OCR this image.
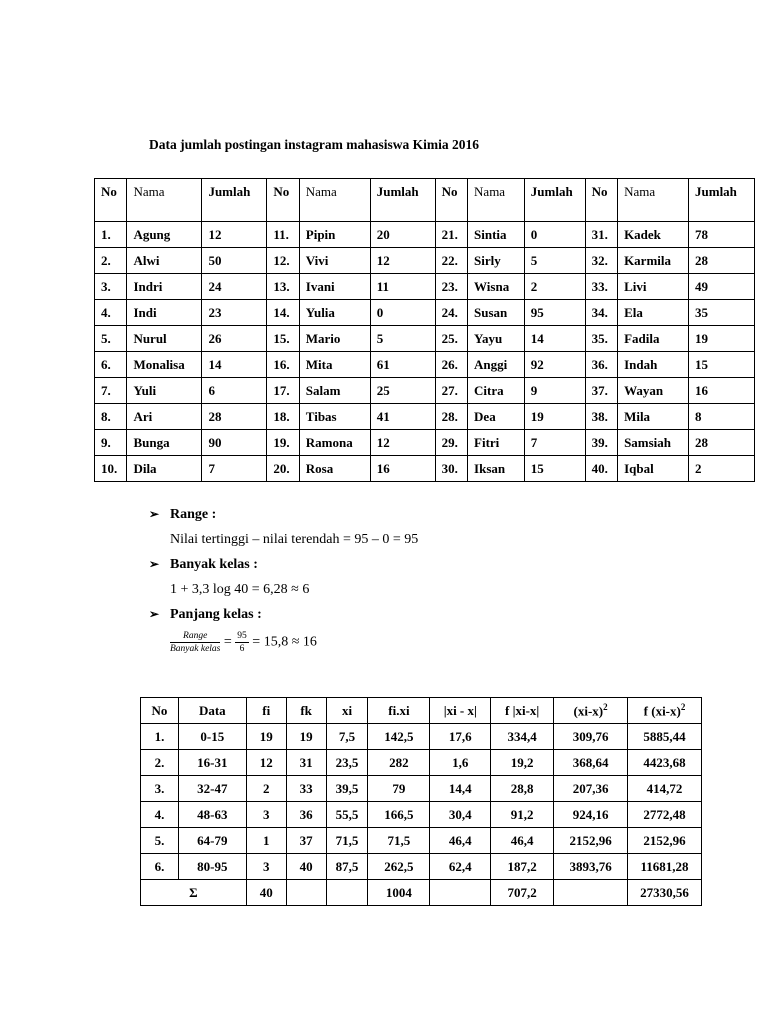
Data jumlah postingan instagram mahasiswa Kimia 2016
No	Nama	Jumlah	No	Nama	Jumlah	No	Nama	Jumlah	No	Nama	Jumlah
1.	Agung	12	11.	Pipin	20	21.	Sintia	0	31.	Kadek	78
2.	Alwi	50	12.	Vivi	12	22.	Sirly	5	32.	Karmila	28
3.	Indri	24	13.	Ivani	11	23.	Wisna	2	33.	Livi	49
4.	Indi	23	14.	Yulia	0	24.	Susan	95	34.	Ela	35
5.	Nurul	26	15.	Mario	5	25.	Yayu	14	35.	Fadila	19
6.	Monalisa	14	16.	Mita	61	26.	Anggi	92	36.	Indah	15
7.	Yuli	6	17.	Salam	25	27.	Citra	9	37.	Wayan	16
8.	Ari	28	18.	Tibas	41	28.	Dea	19	38.	Mila	8
9.	Bunga	90	19.	Ramona	12	29.	Fitri	7	39.	Samsiah	28
10.	Dila	7	20.	Rosa	16	30.	Iksan	15	40.	Iqbal	2
➢ Range :
Nilai tertinggi – nilai terendah = 95 – 0 = 95
➢ Banyak kelas :
1 + 3,3 log 40 = 6,28 ≈ 6
➢ Panjang kelas :
$\frac{\text{Range}}{\text{Banyak kelas}} = \frac{95}{6} = 15,8 \approx 16$
No	Data	fi	fk	xi	fi.xi	|xi - x|	f |xi-x|	$(xi-x)^2$	f $(xi-x)^2$
1.	0-15	19	19	7,5	142,5	17,6	334,4	309,76	5885,44
2.	16-31	12	31	23,5	282	1,6	19,2	368,64	4423,68
3.	32-47	2	33	39,5	79	14,4	28,8	207,36	414,72
4.	48-63	3	36	55,5	166,5	30,4	91,2	924,16	2772,48
5.	64-79	1	37	71,5	71,5	46,4	46,4	2152,96	2152,96
6.	80-95	3	40	87,5	262,5	62,4	187,2	3893,76	11681,28
Σ		40			1004		707,2		27330,56
